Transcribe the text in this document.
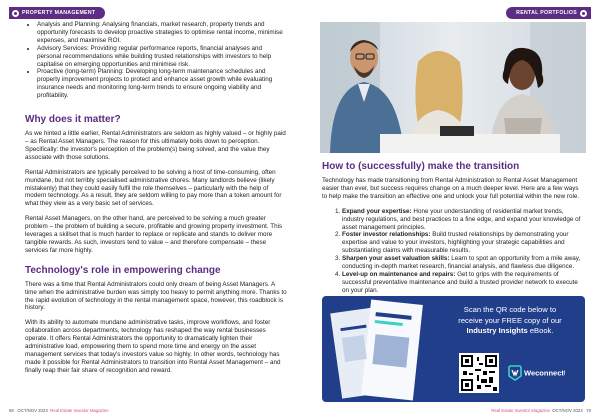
PROPERTY MANAGEMENT
• Analysis and Planning: Analysing financials, market research, property trends and opportunity forecasts to develop proactive strategies to optimise rental income, minimise expenses, and maximise ROI.
• Advisory Services: Providing regular performance reports, financial analyses and personal recommendations while building trusted relationships with investors to help capitalise on emerging opportunities and minimise risk.
• Proactive (long-term) Planning: Developing long-term maintenance schedules and property improvement projects to protect and enhance asset growth while evaluating insurance needs and monitoring long-term trends to ensure ongoing viability and profitability.
Why does it matter?

As we hinted a little earlier, Rental Administrators are seldom as highly valued – or highly paid – as Rental Asset Managers. The reason for this ultimately boils down to perception. Specifically: the investor's perception of the problem(s) being solved, and the value they associate with those solutions.

Rental Administrators are typically perceived to be solving a host of time-consuming, often mundane, but not terribly specialised administrative chores. Many landlords believe (likely mistakenly) that they could easily fulfil the role themselves – particularly with the help of modern technology. As a result, they are seldom willing to pay more than a token amount for what they view as a very basic set of services.

Rental Asset Managers, on the other hand, are perceived to be solving a much greater problem – the problem of building a secure, profitable and growing property investment. This leverages a skillset that is much harder to replace or replicate and stands to deliver more tangible rewards. As such, investors tend to value – and therefore compensate – these services far more highly.

Technology's role in empowering change

There was a time that Rental Administrators could only dream of being Asset Managers. A time when the administrative burden was simply too heavy to permit anything more. Thanks to the rapid evolution of technology in the rental management space, however, this roadblock is history.

With its ability to automate mundane administrative tasks, improve workflows, and foster collaboration across departments, technology has reshaped the way rental businesses operate. It offers Rental Administrators the opportunity to dramatically lighten their administrative load, empowering them to spend more time and energy on the asset management services that today's investors value so highly. In other words, technology has made it possible for Rental Administrators to transition into Rental Asset Management – and finally reap their fair share of recognition and reward.

68 OCT/NOV 2023 Real Estate Investor Magazine
RENTAL PORTFOLIOS
Real Estate Investor Magazine OCT/NOV 2023 70
How to (successfully) make the transition

Technology has made transitioning from Rental Administration to Rental Asset Management easier than ever, but success requires change on a much deeper level. Here are a few ways to help make the transition an effective one and unlock your full potential within the new role.

1. Expand your expertise: Hone your understanding of residential market trends, industry regulations, and best practices to a fine edge, and expand your knowledge of asset management principles.
2. Foster investor relationships: Build trusted relationships by demonstrating your expertise and value to your investors, highlighting your strategic capabilities and substantiating claims with measurable results.
3. Sharpen your asset valuation skills: Learn to spot an opportunity from a mile away, conducting in-depth market research, financial analysis, and flawless due diligence.
4. Level-up on maintenance and repairs: Get to grips with the requirements of successful preventative maintenance and build a trusted provider network to execute on your plan.
Scan the QR code below to
receive your FREE copy of our
Industry Insights eBook.
WeconnectU
